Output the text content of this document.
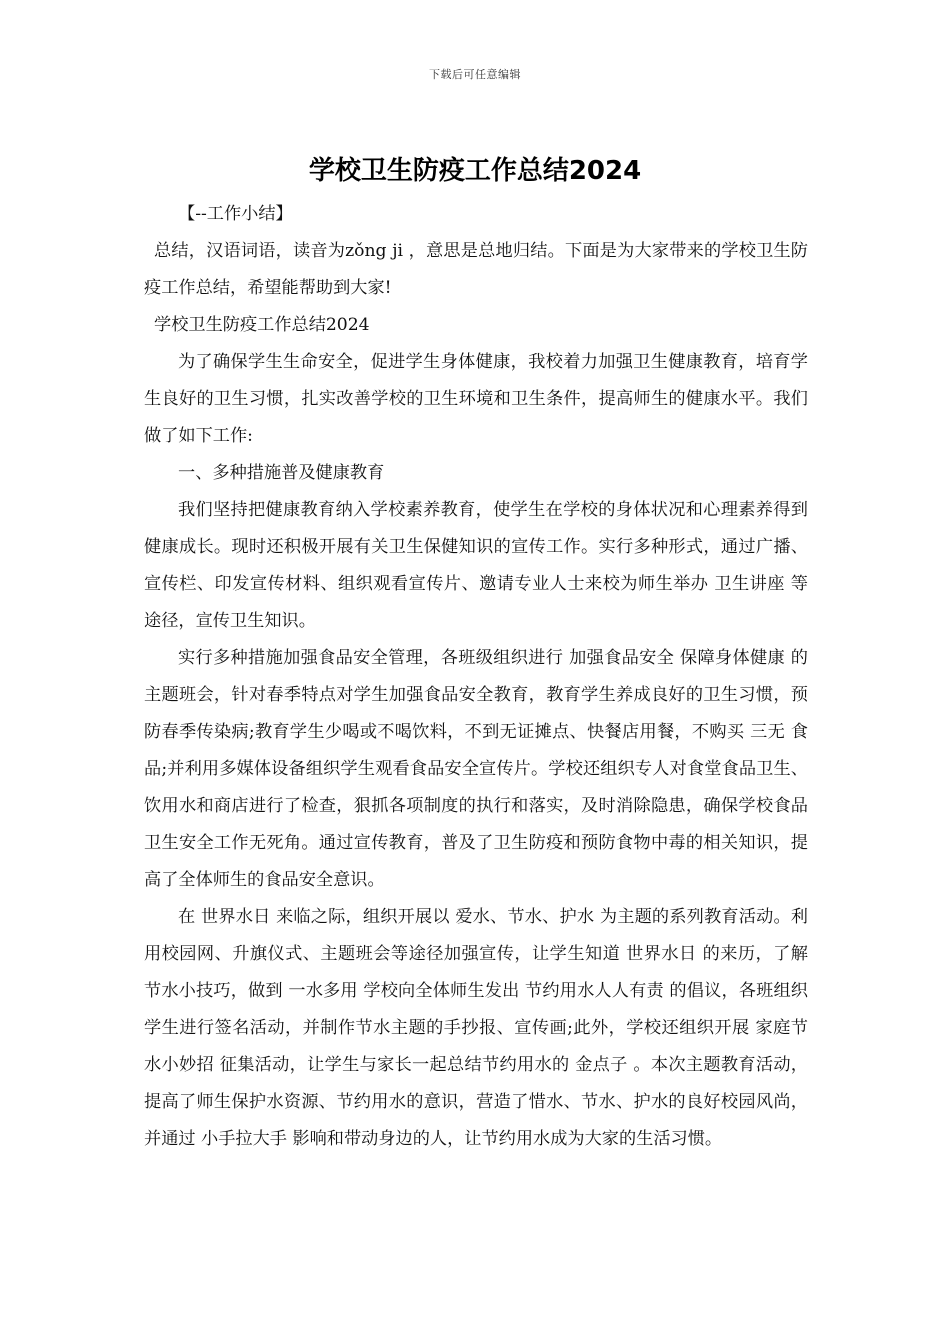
下载后可任意编辑
学校卫生防疫工作总结2024

【--工作小结】

总结，汉语词语，读音为zǒng ji ，意思是总地归结。下面是为大家带来的学校卫生防疫工作总结，希望能帮助到大家!

学校卫生防疫工作总结2024

为了确保学生生命安全，促进学生身体健康，我校着力加强卫生健康教育，培育学生良好的卫生习惯，扎实改善学校的卫生环境和卫生条件，提高师生的健康水平。我们做了如下工作:

一、多种措施普及健康教育

我们坚持把健康教育纳入学校素养教育，使学生在学校的身体状况和心理素养得到健康成长。现时还积极开展有关卫生保健知识的宣传工作。实行多种形式，通过广播、宣传栏、印发宣传材料、组织观看宣传片、邀请专业人士来校为师生举办 卫生讲座 等途径，宣传卫生知识。

实行多种措施加强食品安全管理，各班级组织进行 加强食品安全 保障身体健康 的主题班会，针对春季特点对学生加强食品安全教育，教育学生养成良好的卫生习惯，预防春季传染病;教育学生少喝或不喝饮料，不到无证摊点、快餐店用餐，不购买 三无 食品;并利用多媒体设备组织学生观看食品安全宣传片。学校还组织专人对食堂食品卫生、饮用水和商店进行了检查，狠抓各项制度的执行和落实，及时消除隐患，确保学校食品卫生安全工作无死角。通过宣传教育，普及了卫生防疫和预防食物中毒的相关知识，提高了全体师生的食品安全意识。

在 世界水日 来临之际，组织开展以 爱水、节水、护水 为主题的系列教育活动。利用校园网、升旗仪式、主题班会等途径加强宣传，让学生知道 世界水日 的来历，了解节水小技巧，做到 一水多用 学校向全体师生发出 节约用水人人有责 的倡议，各班组织学生进行签名活动，并制作节水主题的手抄报、宣传画;此外，学校还组织开展 家庭节水小妙招 征集活动，让学生与家长一起总结节约用水的 金点子 。本次主题教育活动，提高了师生保护水资源、节约用水的意识，营造了惜水、节水、护水的良好校园风尚，并通过 小手拉大手 影响和带动身边的人，让节约用水成为大家的生活习惯。
